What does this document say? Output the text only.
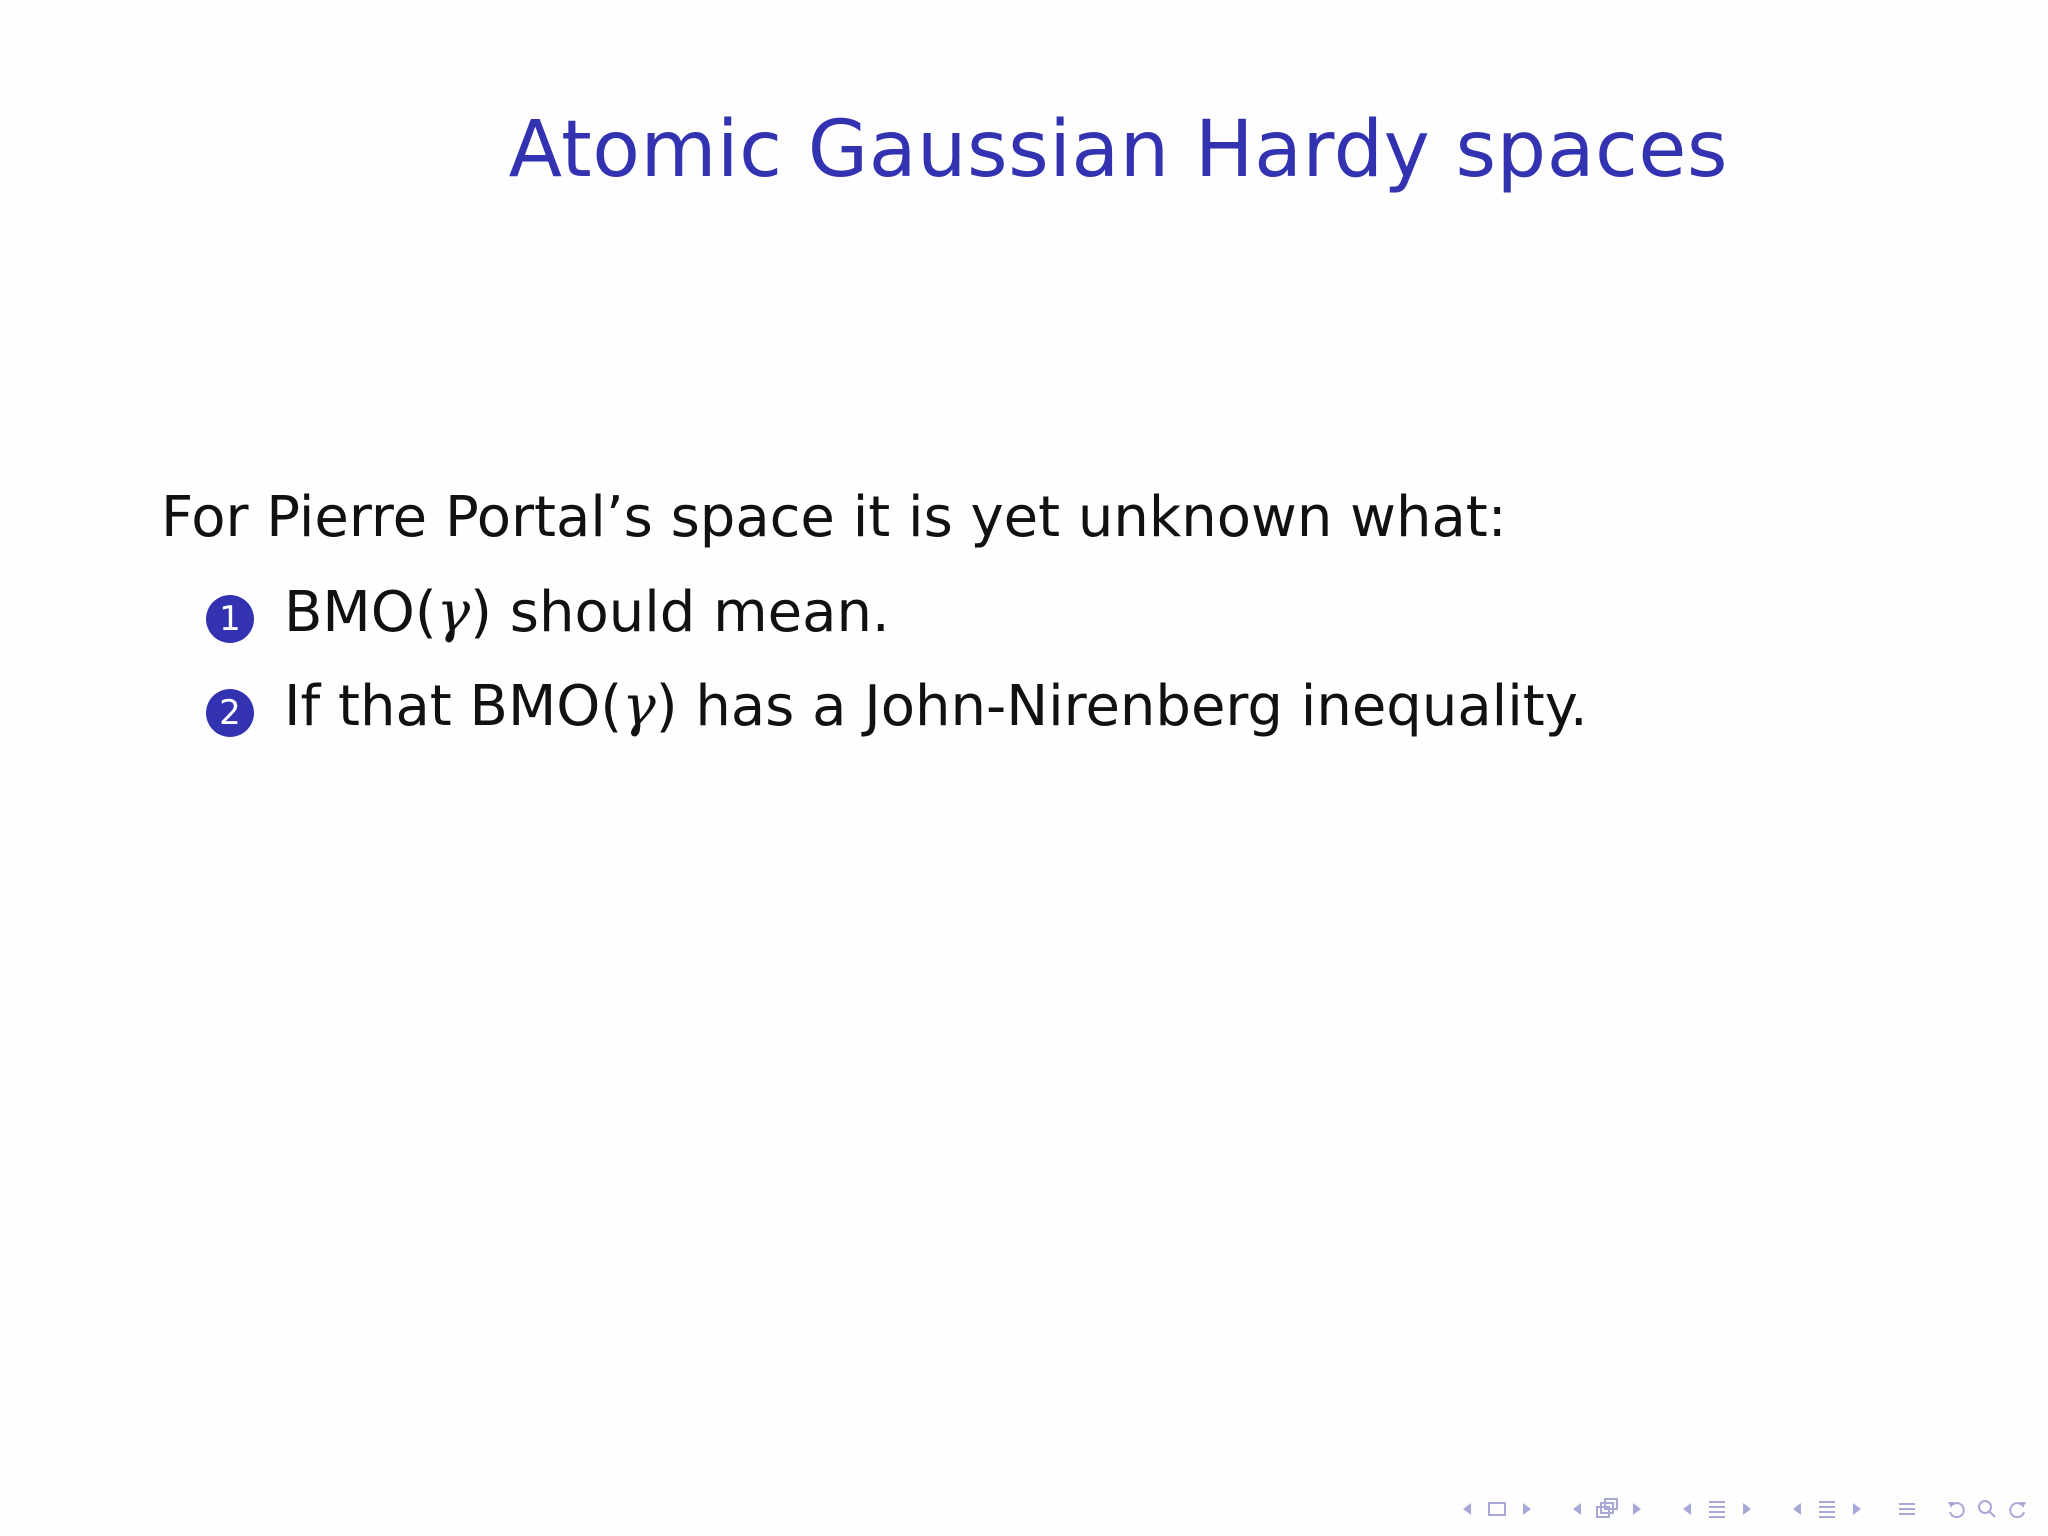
Atomic Gaussian Hardy spaces
For Pierre Portal’s space it is yet unknown what:
1 BMO(γ) should mean.
2 If that BMO(γ) has a John-Nirenberg inequality.
